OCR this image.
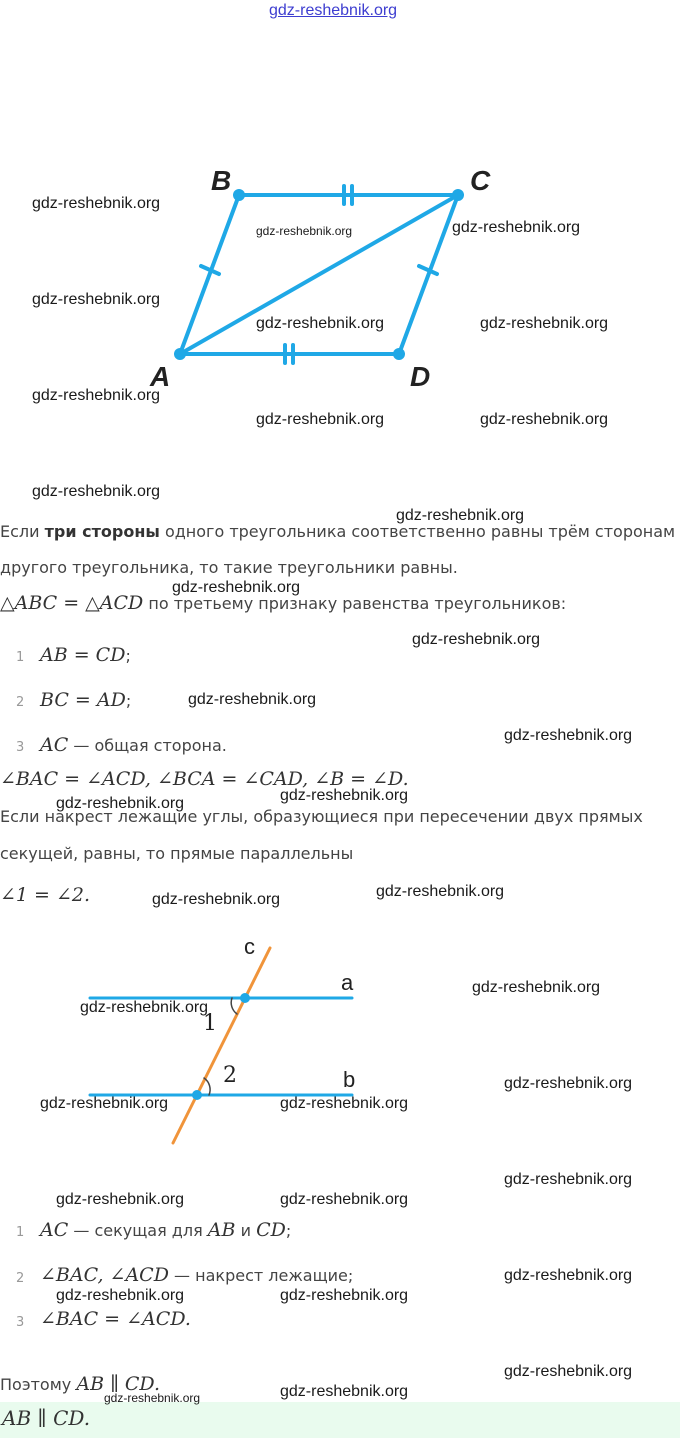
gdz-reshebnik.org
A
B	C
D
Если три стороны одного треугольника соответственно равны трём сторонам
другого треугольника, то такие треугольники равны.
△ABC = △ACD по третьему признаку равенства треугольников:
1 AB = CD;
2 BC = AD;
3 AC — общая сторона.
∠BAC = ∠ACD, ∠BCA = ∠CAD, ∠B = ∠D.
Если накрест лежащие углы, образующиеся при пересечении двух прямых
секущей, равны, то прямые параллельны
∠1 = ∠2.
c
a
b
1
2
1 AC — секущая для AB и CD;
2 ∠BAC, ∠ACD — накрест лежащие;
3 ∠BAC = ∠ACD.
Поэтому AB ∥ CD.
AB ∥ CD.
gdz-reshebnik.org
gdz-reshebnik.org	gdz-reshebnik.org
gdz-reshebnik.org
gdz-reshebnik.org	gdz-reshebnik.org
gdz-reshebnik.org
gdz-reshebnik.org	gdz-reshebnik.org
gdz-reshebnik.org
gdz-reshebnik.org
gdz-reshebnik.org
gdz-reshebnik.org
gdz-reshebnik.org
gdz-reshebnik.org
gdz-reshebnik.org
gdz-reshebnik.org
gdz-reshebnik.org
gdz-reshebnik.org
gdz-reshebnik.org
gdz-reshebnik.org
gdz-reshebnik.org
gdz-reshebnik.org	gdz-reshebnik.org
gdz-reshebnik.org
gdz-reshebnik.org	gdz-reshebnik.org
gdz-reshebnik.org
gdz-reshebnik.org	gdz-reshebnik.org
gdz-reshebnik.org
gdz-reshebnik.org
gdz-reshebnik.org
